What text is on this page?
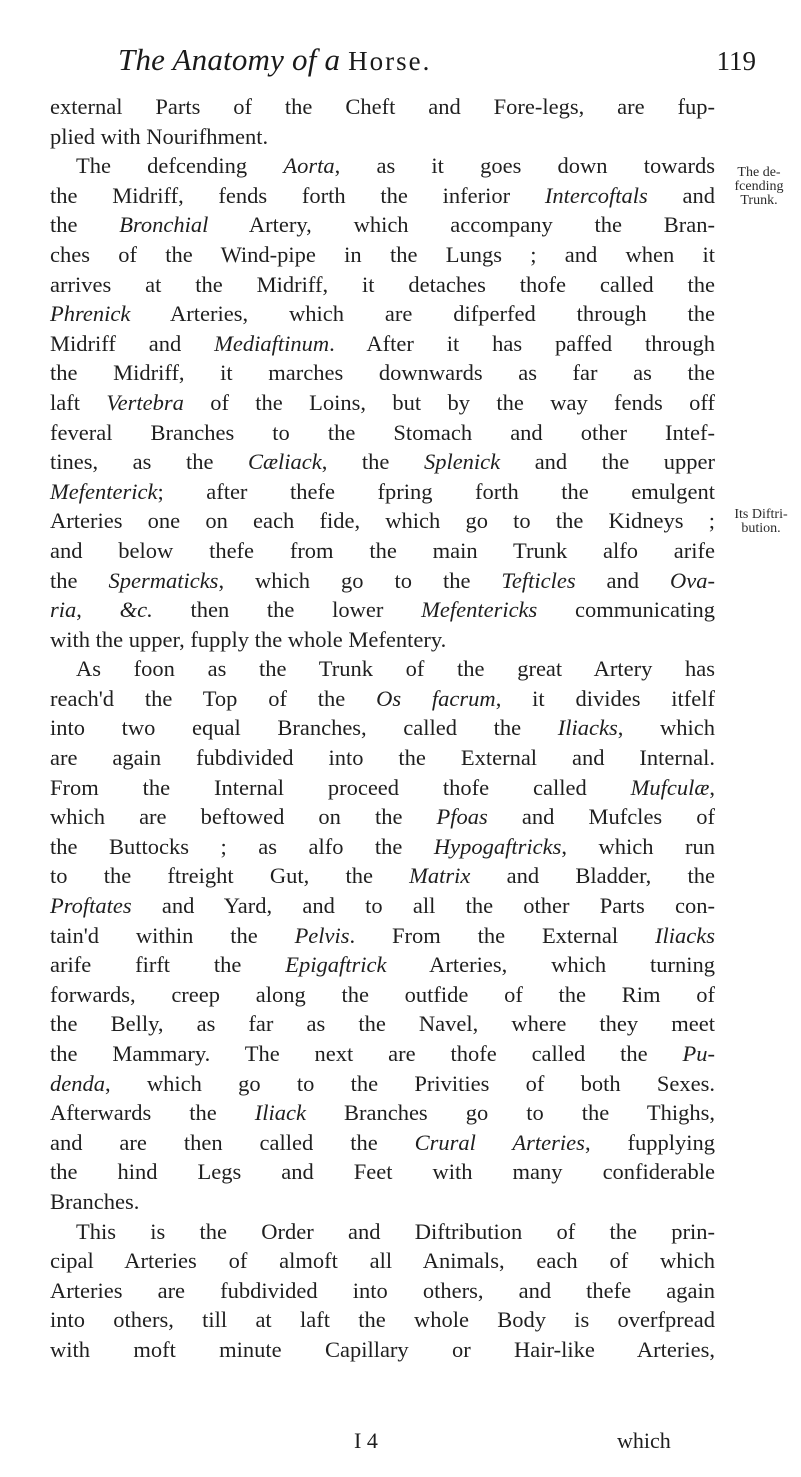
The Anatomy of a Horse.	119
external Parts of the Cheft and Fore-legs, are fup-
plied with Nourifhment.
The defcending Aorta, as it goes down towards
the Midriff, fends forth the inferior Intercoftals and
the Bronchial Artery, which accompany the Bran-
ches of the Wind-pipe in the Lungs ; and when it
arrives at the Midriff, it detaches thofe called the
Phrenick Arteries, which are difperfed through the
Midriff and Mediaftinum. After it has paffed through
the Midriff, it marches downwards as far as the
laft Vertebra of the Loins, but by the way fends off
feveral Branches to the Stomach and other Intef-
tines, as the Cæliack, the Splenick and the upper
Mefenterick; after thefe fpring forth the emulgent
Arteries one on each fide, which go to the Kidneys ;
and below thefe from the main Trunk alfo arife
the Spermaticks, which go to the Tefticles and Ova-
ria, &c. then the lower Mefentericks communicating
with the upper, fupply the whole Mefentery.
As foon as the Trunk of the great Artery has
reach'd the Top of the Os facrum, it divides itfelf
into two equal Branches, called the Iliacks, which
are again fubdivided into the External and Internal.
From the Internal proceed thofe called Mufculæ,
which are beftowed on the Pfoas and Mufcles of
the Buttocks ; as alfo the Hypogaftricks, which run
to the ftreight Gut, the Matrix and Bladder, the
Proftates and Yard, and to all the other Parts con-
tain'd within the Pelvis. From the External Iliacks
arife firft the Epigaftrick Arteries, which turning
forwards, creep along the outfide of the Rim of
the Belly, as far as the Navel, where they meet
the Mammary. The next are thofe called the Pu-
denda, which go to the Privities of both Sexes.
Afterwards the Iliack Branches go to the Thighs,
and are then called the Crural Arteries, fupplying
the hind Legs and Feet with many confiderable
Branches.
This is the Order and Diftribution of the prin-
cipal Arteries of almoft all Animals, each of which
Arteries are fubdivided into others, and thefe again
into others, till at laft the whole Body is overfpread
with moft minute Capillary or Hair-like Arteries,
The de-
fcending
Trunk.
Its Diftri-
bution.
I 4	which
